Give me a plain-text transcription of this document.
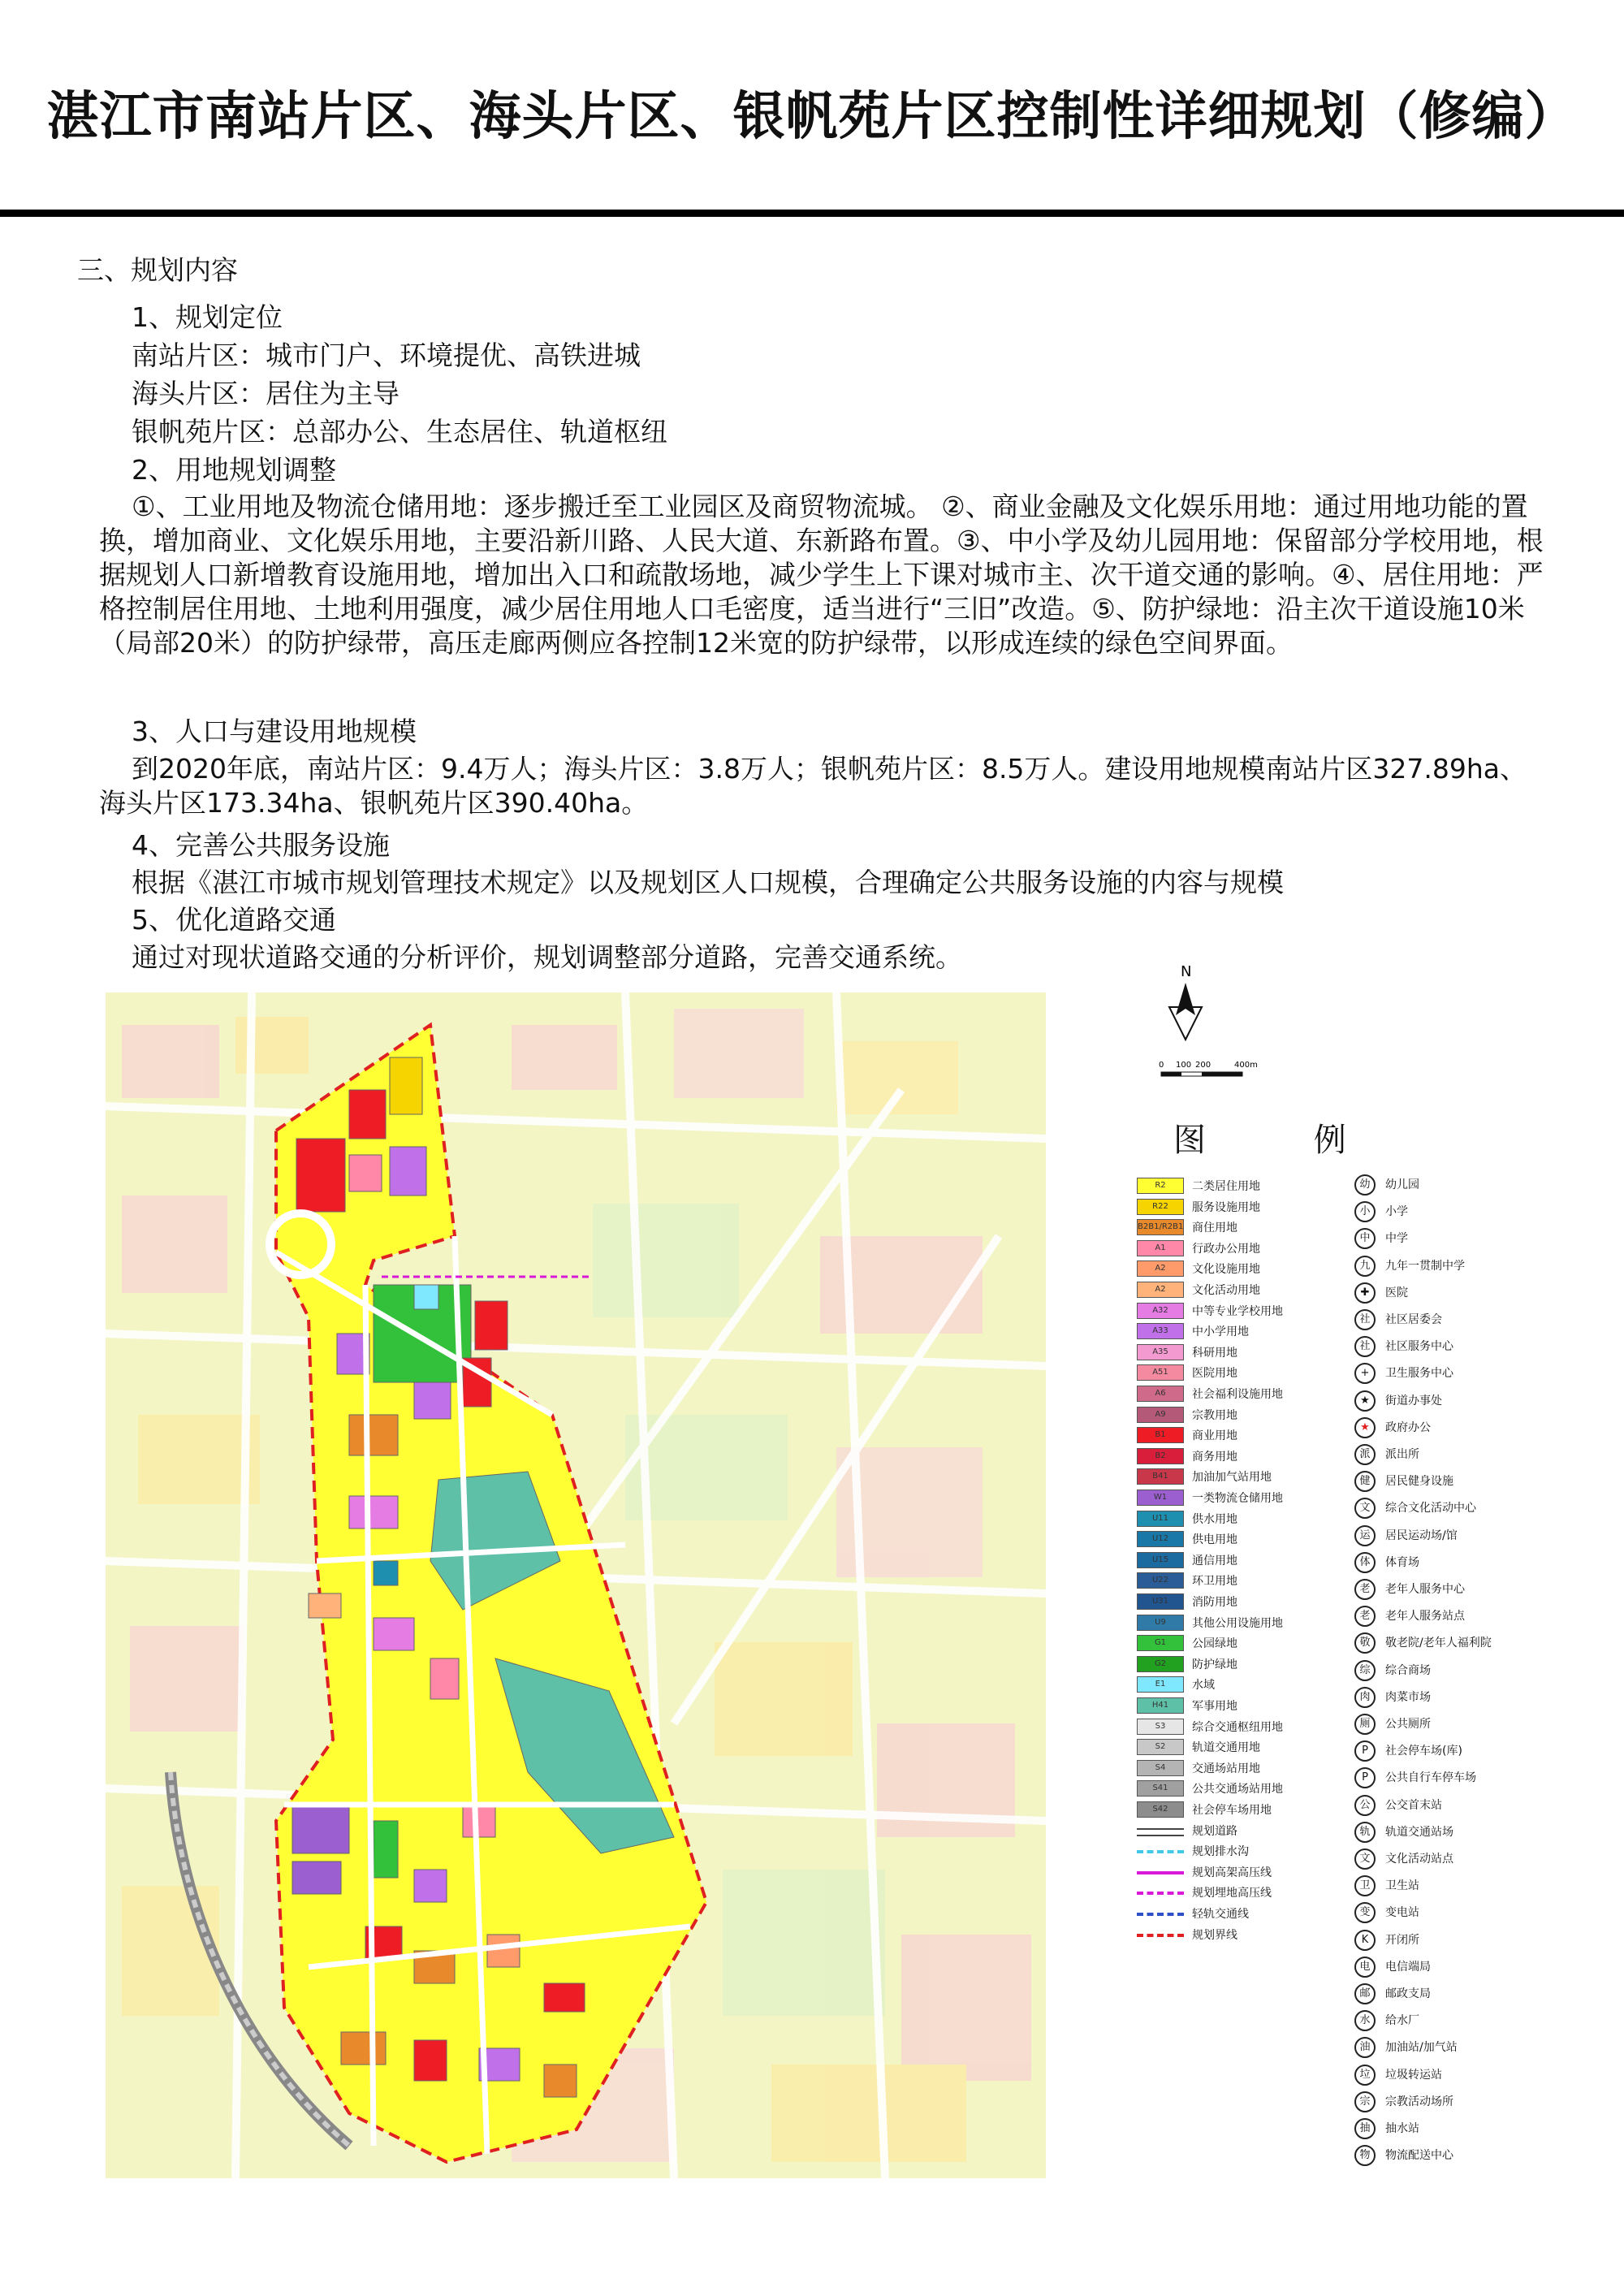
湛江市南站片区、海头片区、银帆苑片区控制性详细规划（修编）
三、规划内容
1、规划定位
南站片区：城市门户、环境提优、高铁进城
海头片区：居住为主导
银帆苑片区：总部办公、生态居住、轨道枢纽
2、用地规划调整
①、工业用地及物流仓储用地：逐步搬迁至工业园区及商贸物流城。 ②、商业金融及文化娱乐用地：通过用地功能的置换，增加商业、文化娱乐用地，主要沿新川路、人民大道、东新路布置。③、中小学及幼儿园用地：保留部分学校用地，根据规划人口新增教育设施用地，增加出入口和疏散场地，减少学生上下课对城市主、次干道交通的影响。④、居住用地：严格控制居住用地、土地利用强度，减少居住用地人口毛密度，适当进行“三旧”改造。⑤、防护绿地：沿主次干道设施10米（局部20米）的防护绿带，高压走廊两侧应各控制12米宽的防护绿带，以形成连续的绿色空间界面。
3、人口与建设用地规模
到2020年底，南站片区：9.4万人；海头片区：3.8万人；银帆苑片区：8.5万人。建设用地规模南站片区327.89ha、海头片区173.34ha、银帆苑片区390.40ha。
4、完善公共服务设施
根据《湛江市城市规划管理技术规定》以及规划区人口规模，合理确定公共服务设施的内容与规模
5、优化道路交通
通过对现状道路交通的分析评价，规划调整部分道路，完善交通系统。	N
0 100 200	400m
图 例
R2	二类居住用地
R22	服务设施用地
B2B1/R2B1 商住用地
A1	行政办公用地
A2	文化设施用地
A2	文化活动用地
A32	中等专业学校用地
A33	中小学用地
A35	科研用地
A51	医院用地
A6	社会福利设施用地
A9	宗教用地
B1	商业用地
B2	商务用地
B41	加油加气站用地
W1	一类物流仓储用地
U11	供水用地
U12	供电用地
U15	通信用地
U22	环卫用地
U31	消防用地
U9	其他公用设施用地
G1	公园绿地
G2	防护绿地
E1	水域
H41	军事用地
S3	综合交通枢纽用地
S2	轨道交通用地
S4	交通场站用地
S41	公共交通场站用地
S42	社会停车场用地
规划道路
规划排水沟
规划高架高压线
规划埋地高压线
轻轨交通线
规划界线
幼	幼儿园
小	小学
中	中学
九	九年一贯制中学
✚	医院
社	社区居委会
社	社区服务中心
+	卫生服务中心
★	街道办事处
★	政府办公
派	派出所
健	居民健身设施
文	综合文化活动中心
运	居民运动场/馆
体	体育场
老	老年人服务中心
老	老年人服务站点
敬	敬老院/老年人福利院
综	综合商场
肉	肉菜市场
厕	公共厕所
P	社会停车场(库)
P	公共自行车停车场
公	公交首末站
轨	轨道交通站场
文	文化活动站点
卫	卫生站
变	变电站
K	开闭所
电	电信端局
邮	邮政支局
水	给水厂
油	加油站/加气站
垃	垃圾转运站
宗	宗教活动场所
抽	抽水站
物	物流配送中心
